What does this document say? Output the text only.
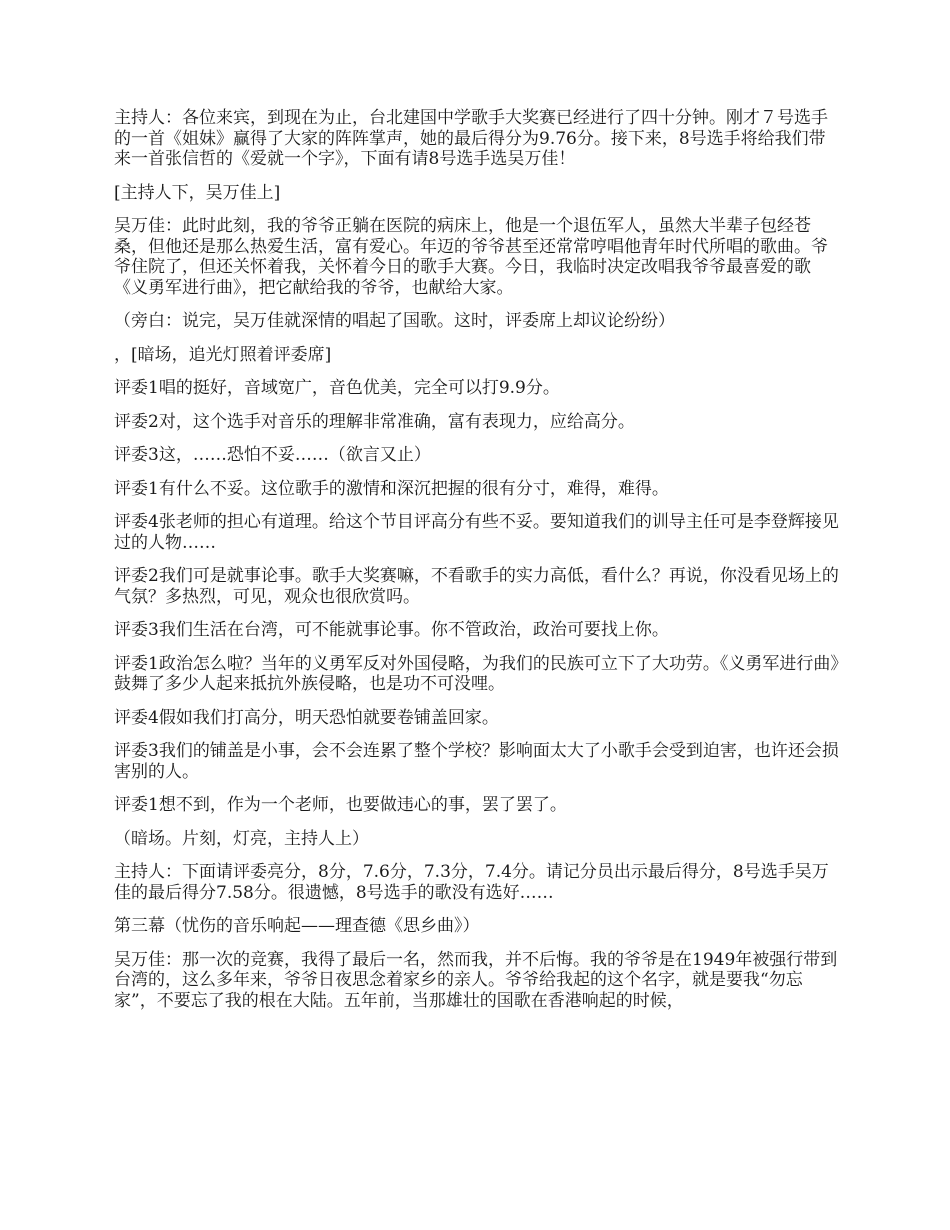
主持人：各位来宾，到现在为止，台北建国中学歌手大奖赛已经进行了四十分钟。刚才７号选手的一首《姐妹》赢得了大家的阵阵掌声，她的最后得分为9.76分。接下来，8号选手将给我们带来一首张信哲的《爱就一个字》，下面有请8号选手选吴万佳！

[主持人下，吴万佳上]

吴万佳：此时此刻，我的爷爷正躺在医院的病床上，他是一个退伍军人，虽然大半辈子包经苍桑，但他还是那么热爱生活，富有爱心。年迈的爷爷甚至还常常哼唱他青年时代所唱的歌曲。爷爷住院了，但还关怀着我，关怀着今日的歌手大赛。今日，我临时决定改唱我爷爷最喜爱的歌《义勇军进行曲》，把它献给我的爷爷，也献给大家。

（旁白：说完，吴万佳就深情的唱起了国歌。这时，评委席上却议论纷纷）

，[暗场，追光灯照着评委席]

评委1唱的挺好，音域宽广，音色优美，完全可以打9.9分。

评委2对，这个选手对音乐的理解非常准确，富有表现力，应给高分。

评委3这，……恐怕不妥……（欲言又止）

评委1有什么不妥。这位歌手的激情和深沉把握的很有分寸，难得，难得。

评委4张老师的担心有道理。给这个节目评高分有些不妥。要知道我们的训导主任可是李登辉接见过的人物……

评委2我们可是就事论事。歌手大奖赛嘛，不看歌手的实力高低，看什么？再说，你没看见场上的气氛？多热烈，可见，观众也很欣赏吗。

评委3我们生活在台湾，可不能就事论事。你不管政治，政治可要找上你。

评委1政治怎么啦？当年的义勇军反对外国侵略，为我们的民族可立下了大功劳。《义勇军进行曲》鼓舞了多少人起来抵抗外族侵略，也是功不可没哩。

评委4假如我们打高分，明天恐怕就要卷铺盖回家。

评委3我们的铺盖是小事，会不会连累了整个学校？影响面太大了小歌手会受到迫害，也许还会损害别的人。

评委1想不到，作为一个老师，也要做违心的事，罢了罢了。

（暗场。片刻，灯亮，主持人上）

主持人：下面请评委亮分，8分，7.6分，7.3分，7.4分。请记分员出示最后得分，8号选手吴万佳的最后得分7.58分。很遗憾，8号选手的歌没有选好……

第三幕（忧伤的音乐响起——理查德《思乡曲》）

吴万佳：那一次的竞赛，我得了最后一名，然而我，并不后悔。我的爷爷是在1949年被强行带到台湾的，这么多年来，爷爷日夜思念着家乡的亲人。爷爷给我起的这个名字，就是要我“勿忘家”，不要忘了我的根在大陆。五年前，当那雄壮的国歌在香港响起的时候，
